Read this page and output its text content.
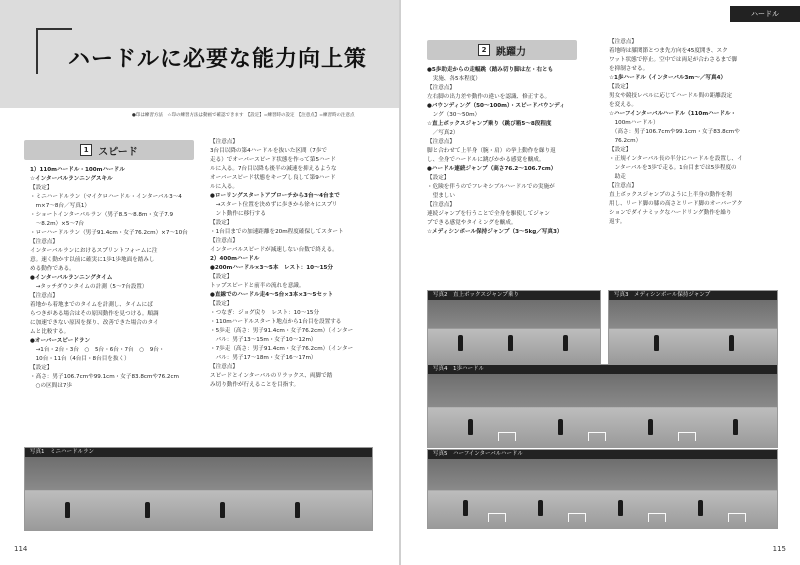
ハードルに必要な能力向上策
●印は練習方法　☆印の練習方法は動画で確認できます　【設定】=練習時の設定　【注意点】=練習時の注意点
1 スピード
1）110mハードル・100mハードル
☆インターバルランニングスキル
【設定】
・ミニハードルラン（マイクロハードル・インターバル3～4
　m×7～8台／写真1）
・ショートインターバルラン（男子8.5～8.8m・女子7.9
　～8.2m）×5～7台
・ローハードルラン（男子91.4cm・女子76.2cm）×7～10台
【注意点】
インターバルランにおけるスプリントフォームに注
意。速く動かす以前に確実に1歩1歩地面を踏みし
める動作である。
●インターバルランニングタイム
　→タッチダウンタイムの計測（5～7台設置）
【注意点】
着地から着地までのタイムを計測し、タイムにば
らつきがある場合はその原因動作を見つける。順調
に加速できない原因を探り、改善できた場合のタイ
ムと比較する。
●オーバースピードラン
　→1台・2台・3台　○　5台・6台・7台　○　9台・
　10台・11台（4台目・8台目を抜く）
【設定】
・高さ：男子106.7cmや99.1cm・女子83.8cmや76.2cm
　○の区間は7歩
【注意点】
3台目以降の第4ハードルを抜いた区間（7歩で
走る）でオーバースピード状態を作って第5ハード
ルに入る。7台目以降も後半の減速を抑えるような
オーバースピード状態をキープし良して第9ハード
ルに入る。
●ローリングスタートアプローチから3台～4台まで
　→スタート位置を決めずに歩きから徐々にスプリ
　ント動作に移行する
【設定】
・1台目までの加速距離を20m程度確保してスタート
【注意点】
インターバルスピードが減速しない台数で終える。
2）400mハードル
●200mハードル×3～5本　レスト：10～15分
【設定】
トップスピードと前半の流れを意識。
●直線でのハードル走4～5台×3本×3～5セット
【設定】
・つなぎ：ジョグ戻り　レスト：10～15分
・110mハードルスタート地点から1台目を設置する
・5歩走（高さ：男子91.4cm・女子76.2cm）（インター
　バル：男子13～15m・女子10～12m）
・7歩走（高さ：男子91.4cm・女子76.2cm）（インター
　バル：男子17～18m・女子16～17m）
【注意点】
スピードとインターバルのリラックス、両脚で踏
み切り動作が行えることを目指す。
写真1　ミニハードルラン
114
ハードル
2 跳躍力
●5歩助走からの走幅跳（踏み切り脚は左・右とも
　実施、各5本程度）
【注意点】
左右脚の出力差や動作の違いを認識、修正する。
●バウンディング（50～100m）・スピードバウンディ
　ング（30～50m）
☆直上ボックスジャンプ乗り（跳び箱5～8段程度
　／写真2）
【注意点】
脚と合わせて上半身（腕・肩）の挙上動作を繰り返
し、全身でハードルに跳びかかる感覚を醸成。
●ハードル連続ジャンプ（高さ76.2～106.7cm）
【設定】
・危険を伴うのでフレキシブルハードルでの実施が
　望ましい
【注意点】
連続ジャンプを行うことで全身を駆使してジャン
プできる感覚やタイミングを醸成。
☆メディシンボール保持ジャンプ（3～5kg／写真3）
【注意点】
着地時は膝関節とつま先方向を45度開き、スク
ワット状態で停止。空中では両足が合わさるまで脚
を抑制させる。
☆1歩ハードル（インターバル3m～／写真4）
【設定】
男女や競技レベルに応じてハードル間の距離設定
を変える。
☆ハーフインターバルハードル（110mハードル・
　100mハードル）
　（高さ：男子106.7cmや99.1cm・女子83.8cmや
　76.2cm）
【設定】
・正規インターバル長の半分にハードルを設置し、イ
　ンターバルを3歩で走る。1台目までは5歩程度の
　助走
【注意点】
直上ボックスジャンプのように上半身の動作を利
用し、リード脚の膝の高さとリード脚のオーバーアク
ションでダイナミックなハードリング動作を繰り
返す。
写真2　直上ボックスジャンプ乗り	写真3　メディシンボール保持ジャンプ
写真4　1歩ハードル
写真5　ハーフインターバルハードル
115
